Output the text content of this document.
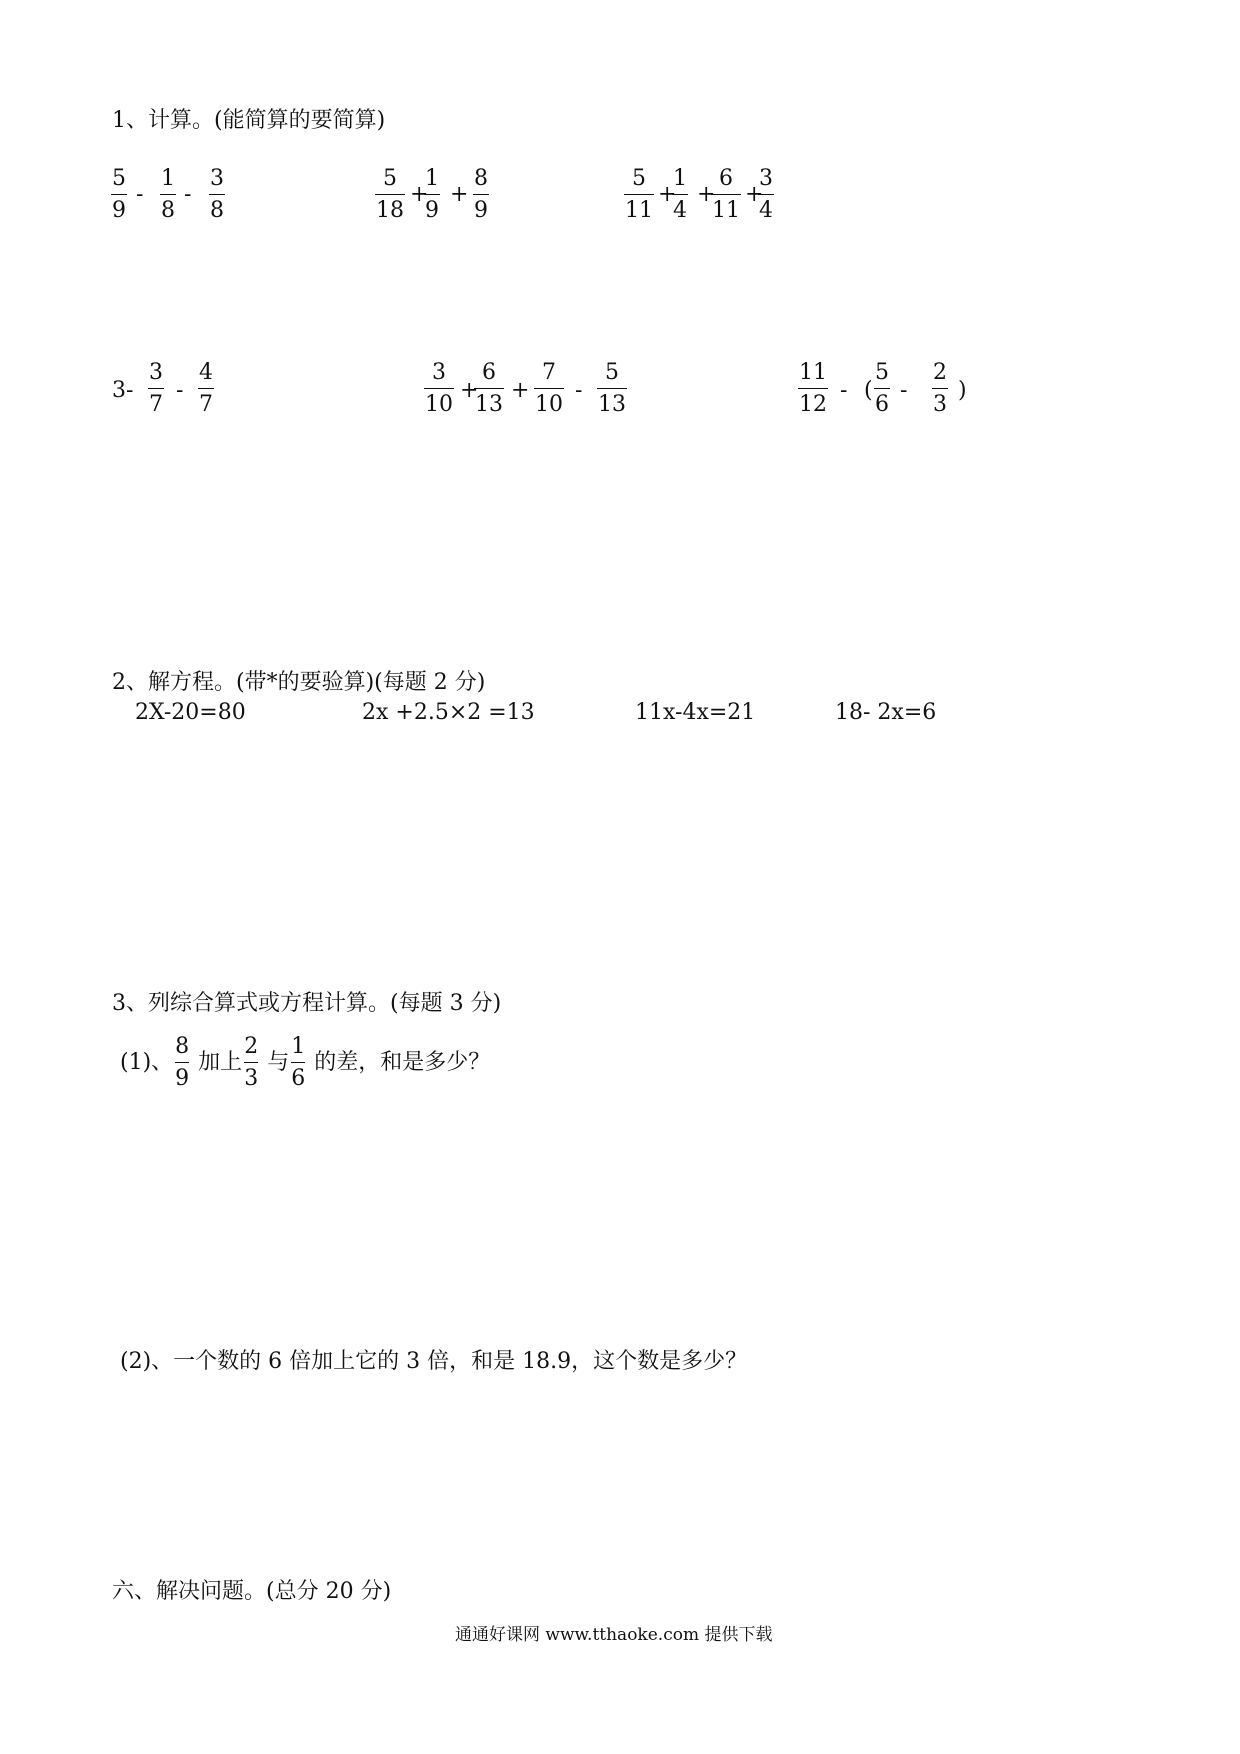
1、计算。(能简算的要简算)
5
9
-
1
8
-
3
8
5
18
+
1
9
+
8
9
5
11
+
1
4
+
6
11
+
3
4
3-
3
7
-
4
7
3
10
+
6
13
+
7
10
-
5
13
11
12
- (
5
6
-
2
3
)
2、解方程。(带*的要验算)(每题 2 分)
2X-20=80	2x +2.5×2 =13	11x-4x=21	18- 2x=6
3、列综合算式或方程计算。(每题 3 分)
(1)、 $\frac{8}{9}$ 加上 $\frac{2}{3}$ 与 $\frac{1}{6}$ 的差，和是多少？
(2)、一个数的 6 倍加上它的 3 倍，和是 18.9，这个数是多少？
六、解决问题。(总分 20 分)
通通好课网 www.tthaoke.com 提供下载
